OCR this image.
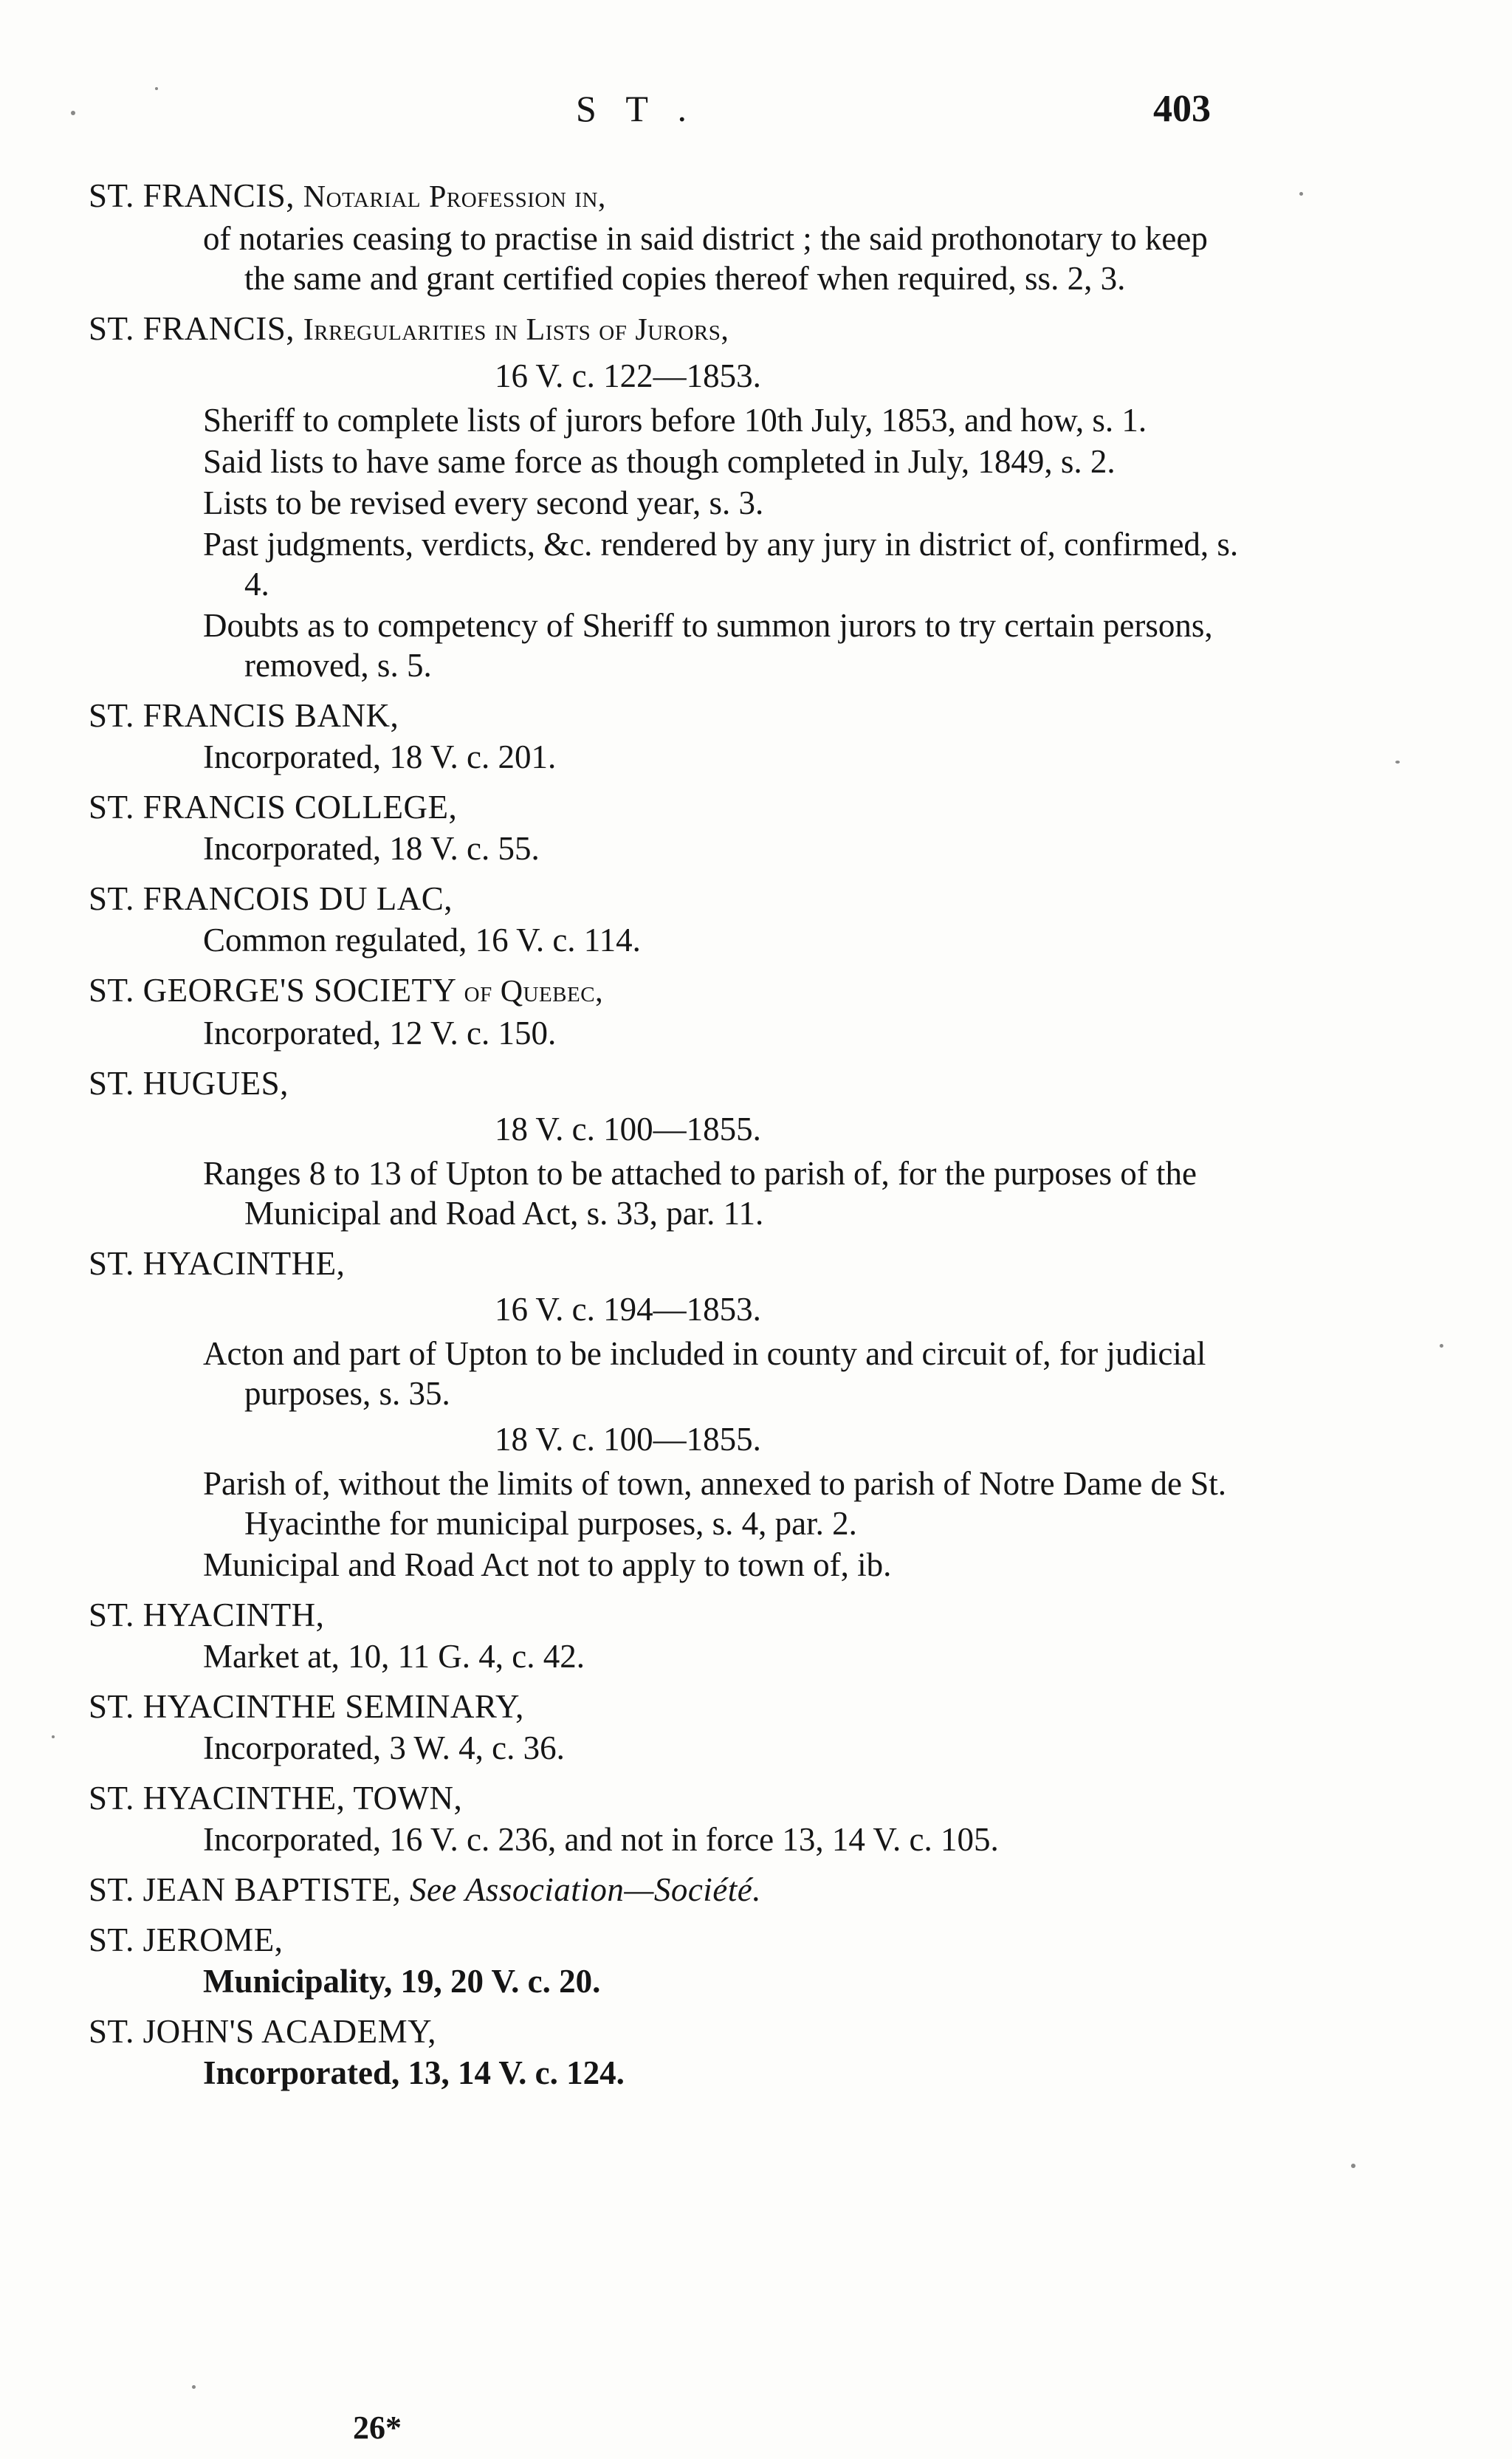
S T .	403
ST. FRANCIS, Notarial Profession in,
of notaries ceasing to practise in said district ; the said prothonotary to keep the same and grant certified copies thereof when required, ss. 2, 3.
ST. FRANCIS, Irregularities in Lists of Jurors,
16 V. c. 122—1853.
Sheriff to complete lists of jurors before 10th July, 1853, and how, s. 1.
Said lists to have same force as though completed in July, 1849, s. 2.
Lists to be revised every second year, s. 3.
Past judgments, verdicts, &c. rendered by any jury in district of, confirmed, s. 4.
Doubts as to competency of Sheriff to summon jurors to try certain persons, removed, s. 5.
ST. FRANCIS BANK,
Incorporated, 18 V. c. 201.
ST. FRANCIS COLLEGE,
Incorporated, 18 V. c. 55.
ST. FRANCOIS DU LAC,
Common regulated, 16 V. c. 114.
ST. GEORGE'S SOCIETY of Quebec,
Incorporated, 12 V. c. 150.
ST. HUGUES,
18 V. c. 100—1855.
Ranges 8 to 13 of Upton to be attached to parish of, for the purposes of the Municipal and Road Act, s. 33, par. 11.
ST. HYACINTHE,
16 V. c. 194—1853.
Acton and part of Upton to be included in county and circuit of, for judicial purposes, s. 35.
18 V. c. 100—1855.
Parish of, without the limits of town, annexed to parish of Notre Dame de St. Hyacinthe for municipal purposes, s. 4, par. 2.
Municipal and Road Act not to apply to town of, ib.
ST. HYACINTH,
Market at, 10, 11 G. 4, c. 42.
ST. HYACINTHE SEMINARY,
Incorporated, 3 W. 4, c. 36.
ST. HYACINTHE, TOWN,
Incorporated, 16 V. c. 236, and not in force 13, 14 V. c. 105.
ST. JEAN BAPTISTE, See Association—Société.
ST. JEROME,
Municipality, 19, 20 V. c. 20.
ST. JOHN'S ACADEMY,
Incorporated, 13, 14 V. c. 124.
26*
